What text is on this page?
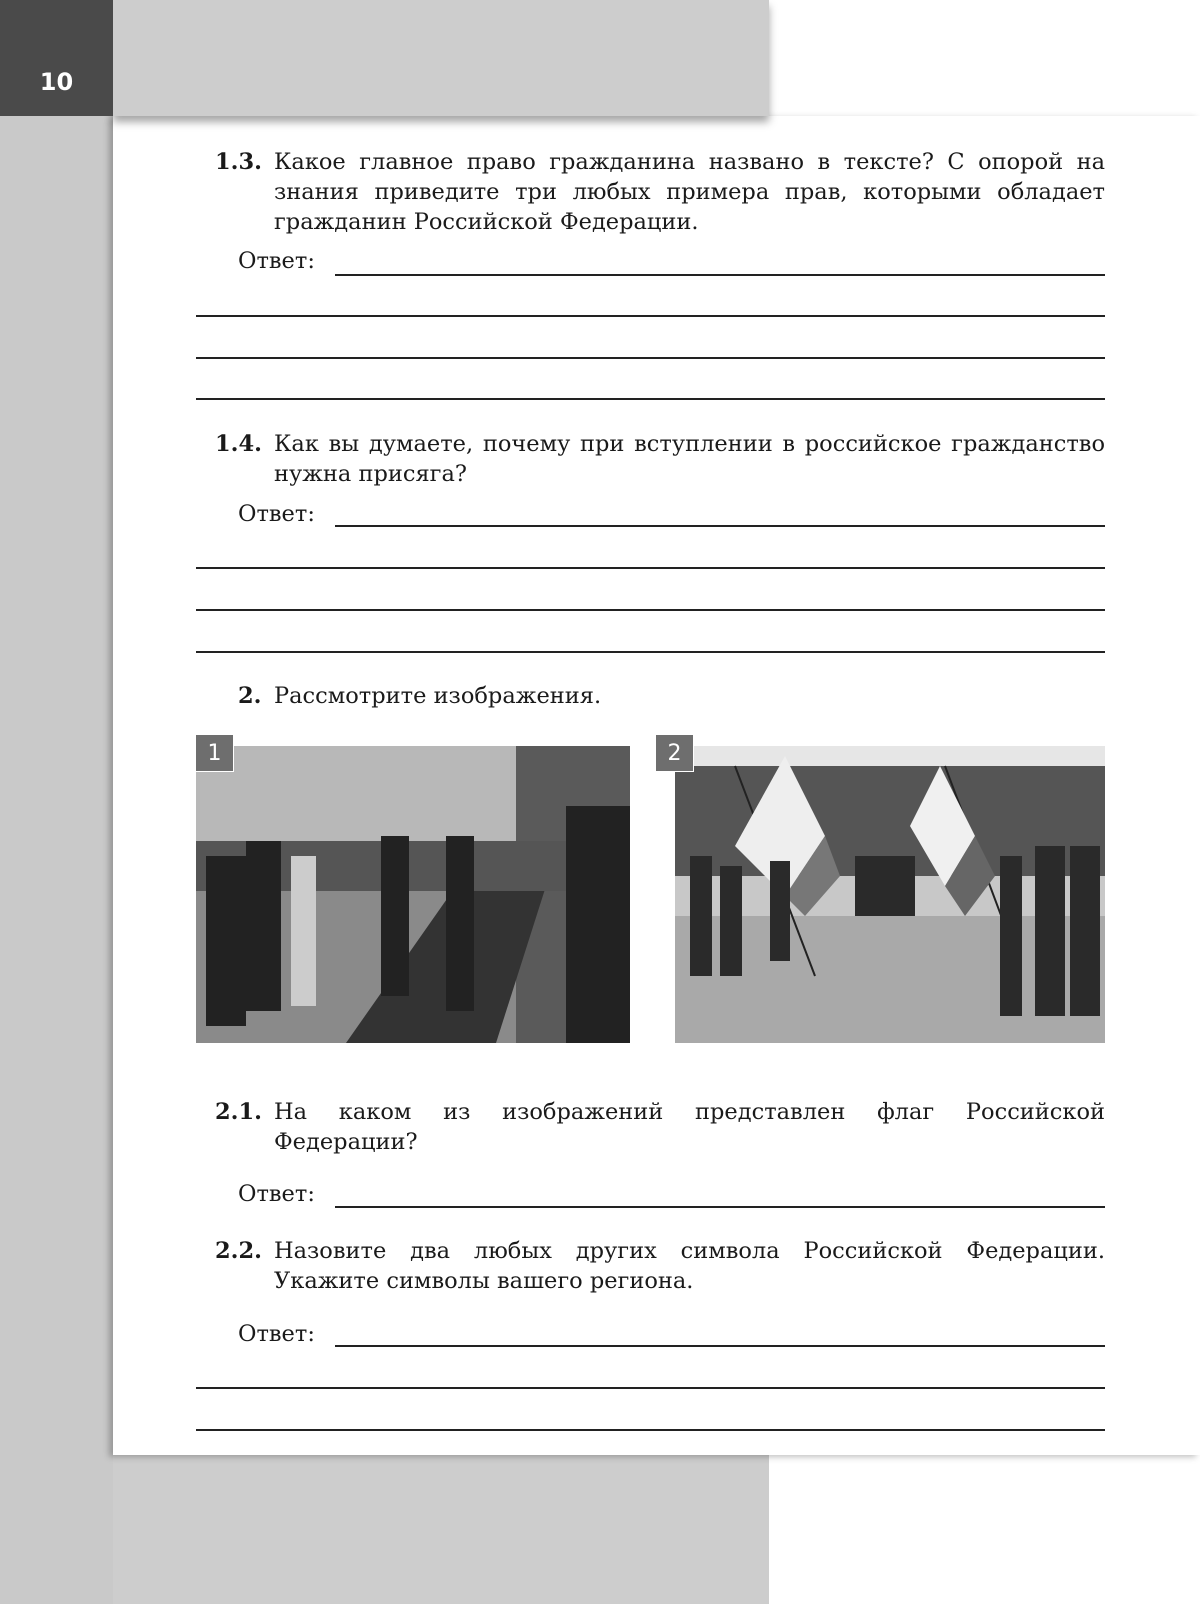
10
1.3. Какое главное право гражданина названо в тексте? С опорой на знания приведите три любых примера прав, которыми обладает гражданин Российской Федерации.
Ответ:
1.4. Как вы думаете, почему при вступлении в российское гражданство нужна присяга?
Ответ:
2. Рассмотрите изображения.
1	2
2.1. На каком из изображений представлен флаг Российской Федерации?
Ответ:
2.2. Назовите два любых других символа Российской Федерации. Укажите символы вашего региона.
Ответ:
